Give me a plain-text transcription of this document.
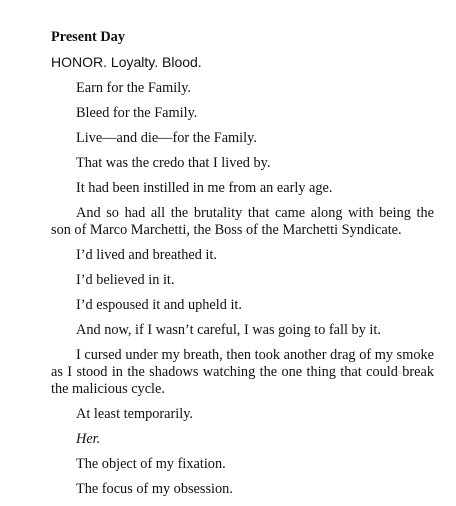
Present Day

HONOR. Loyalty. Blood.

Earn for the Family.

Bleed for the Family.

Live—and die—for the Family.

That was the credo that I lived by.

It had been instilled in me from an early age.

And so had all the brutality that came along with being the son of Marco Marchetti, the Boss of the Marchetti Syndicate.

I’d lived and breathed it.

I’d believed in it.

I’d espoused it and upheld it.

And now, if I wasn’t careful, I was going to fall by it.

I cursed under my breath, then took another drag of my smoke as I stood in the shadows watching the one thing that could break the malicious cycle.

At least temporarily.

Her.

The object of my fixation.

The focus of my obsession.
